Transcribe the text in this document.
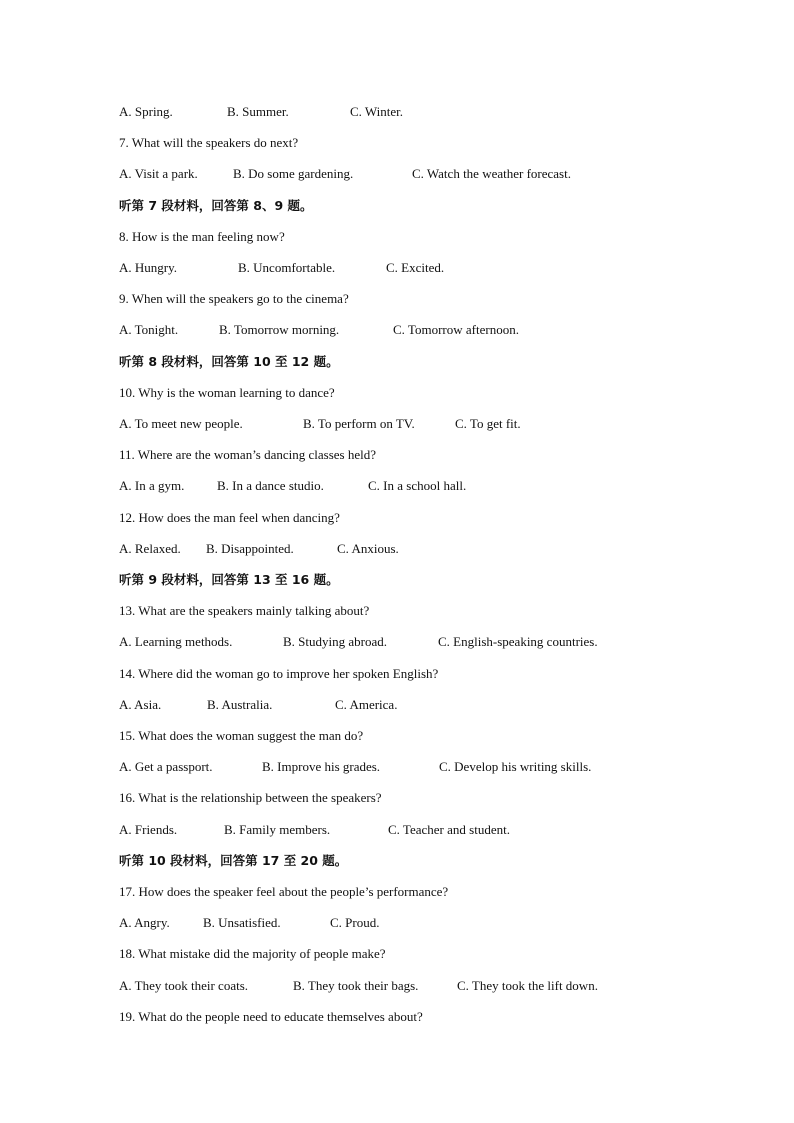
A. Spring.	B. Summer.	C. Winter.
7. What will the speakers do next?
A. Visit a park.	B. Do some gardening.	C. Watch the weather forecast.
听第 7 段材料，回答第 8、9 题。
8. How is the man feeling now?
A. Hungry.	B. Uncomfortable.	C. Excited.
9. When will the speakers go to the cinema?
A. Tonight.	B. Tomorrow morning.	C. Tomorrow afternoon.
听第 8 段材料，回答第 10 至 12 题。
10. Why is the woman learning to dance?
A. To meet new people.	B. To perform on TV.	C. To get fit.
11. Where are the woman’s dancing classes held?
A. In a gym.	B. In a dance studio.	C. In a school hall.
12. How does the man feel when dancing?
A. Relaxed. B. Disappointed.	C. Anxious.
听第 9 段材料，回答第 13 至 16 题。
13. What are the speakers mainly talking about?
A. Learning methods.	B. Studying abroad.	C. English-speaking countries.
14. Where did the woman go to improve her spoken English?
A. Asia.	B. Australia.	C. America.
15. What does the woman suggest the man do?
A. Get a passport.	B. Improve his grades.	C. Develop his writing skills.
16. What is the relationship between the speakers?
A. Friends.	B. Family members.	C. Teacher and student.
听第 10 段材料，回答第 17 至 20 题。
17. How does the speaker feel about the people’s performance?
A. Angry.	B. Unsatisfied.	C. Proud.
18. What mistake did the majority of people make?
A. They took their coats.	B. They took their bags.	C. They took the lift down.
19. What do the people need to educate themselves about?
